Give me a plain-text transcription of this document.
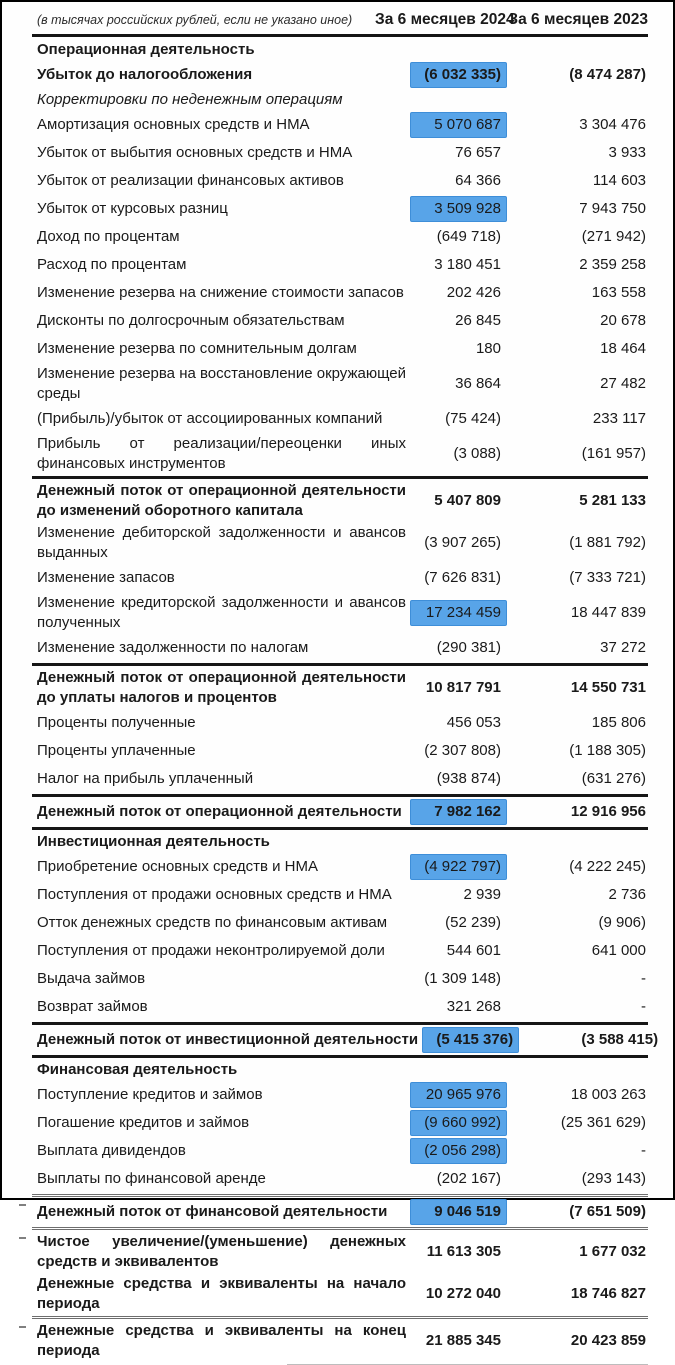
(в тысячах российских рублей, если не указано иное)	За 6 месяцев 2024
За 6 месяцев 2023
Операционная деятельность
Убыток до налогообложения	(6 032 335)	(8 474 287)
Корректировки по неденежным операциям
Амортизация основных средств и НМА	5 070 687	3 304 476
Убыток от выбытия основных средств и НМА	76 657	3 933
Убыток от реализации финансовых активов	64 366	114 603
Убыток от курсовых разниц	3 509 928	7 943 750
Доход по процентам	(649 718)	(271 942)
Расход по процентам	3 180 451	2 359 258
Изменение резерва на снижение стоимости запасов	202 426	163 558
Дисконты по долгосрочным обязательствам	26 845	20 678
Изменение резерва по сомнительным долгам	180	18 464
Изменение резерва на восстановление окружающей среды
36 864	27 482
(Прибыль)/убыток от ассоциированных компаний	(75 424)	233 117
Прибыль от реализации/переоценки иных финансовых инструментов
(3 088)	(161 957)
Денежный поток от операционной деятельности до изменений оборотного капитала
5 407 809	5 281 133
Изменение дебиторской задолженности и авансов выданных
(3 907 265)	(1 881 792)
Изменение запасов	(7 626 831)	(7 333 721)
Изменение кредиторской задолженности и авансов полученных
17 234 459	18 447 839
Изменение задолженности по налогам	(290 381)	37 272
Денежный поток от операционной деятельности до уплаты налогов и процентов
10 817 791	14 550 731
Проценты полученные	456 053	185 806
Проценты уплаченные	(2 307 808)	(1 188 305)
Налог на прибыль уплаченный	(938 874)	(631 276)
Денежный поток от операционной деятельности	7 982 162	12 916 956
Инвестиционная деятельность
Приобретение основных средств и НМА	(4 922 797)	(4 222 245)
Поступления от продажи основных средств и НМА	2 939	2 736
Отток денежных средств по финансовым активам	(52 239)	(9 906)
Поступления от продажи неконтролируемой доли	544 601	641 000
Выдача займов	(1 309 148)	-
Возврат займов	321 268	-
Денежный поток от инвестиционной деятельности	(5 415 376)	(3 588 415)
Финансовая деятельность
Поступление кредитов и займов	20 965 976	18 003 263
Погашение кредитов и займов	(9 660 992)	(25 361 629)
Выплата дивидендов	(2 056 298)	-
Выплаты по финансовой аренде	(202 167)	(293 143)
Денежный поток от финансовой деятельности	9 046 519	(7 651 509)
Чистое увеличение/(уменьшение) денежных средств и эквивалентов
11 613 305	1 677 032
Денежные средства и эквиваленты на начало периода
10 272 040	18 746 827
Денежные средства и эквиваленты на конец периода
21 885 345	20 423 859
